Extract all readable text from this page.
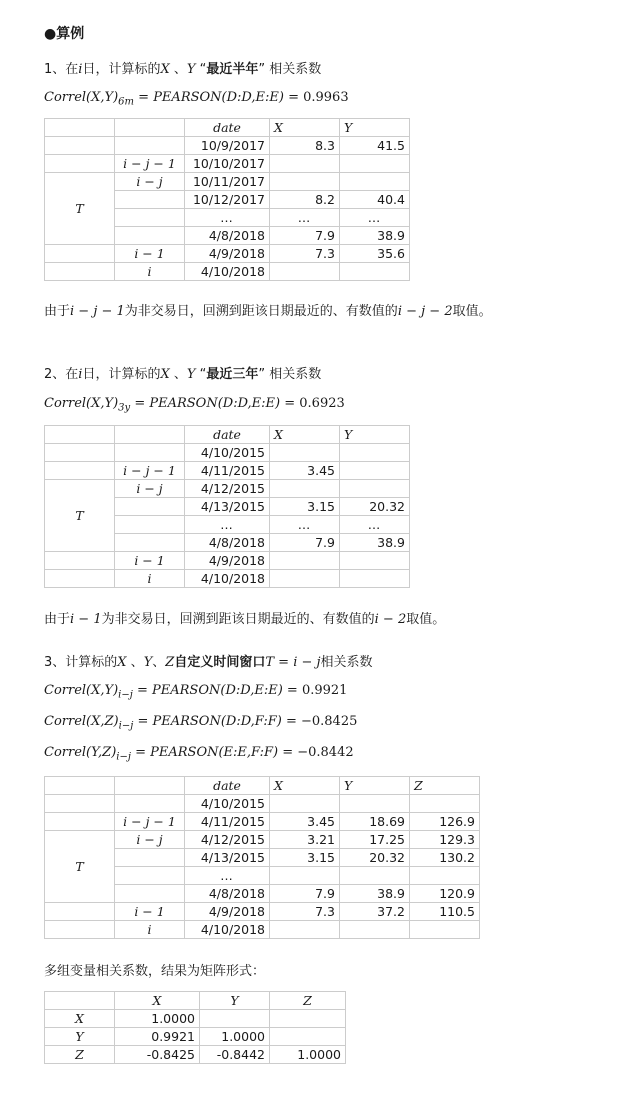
●算例
1、在i日，计算标的X 、Y “最近半年” 相关系数
$Correl(X,Y)_{6m}$ = PEARSON(D:D,E:E) = 0.9963
		date	X	Y
		10/9/2017	8.3	41.5
	i − j − 1	10/10/2017		
T	i − j	10/11/2017		
		10/12/2017	8.2	40.4
		…	…	…
		4/8/2018	7.9	38.9
	i − 1	4/9/2018	7.3	35.6
	i	4/10/2018		
由于i − j − 1为非交易日，回溯到距该日期最近的、有数值的i − j − 2取值。
2、在i日，计算标的X 、Y “最近三年” 相关系数
$Correl(X,Y)_{3y}$ = PEARSON(D:D,E:E) = 0.6923
		date	X	Y
		4/10/2015		
	i − j − 1	4/11/2015	3.45	
T	i − j	4/12/2015		
		4/13/2015	3.15	20.32
		…	…	…
		4/8/2018	7.9	38.9
	i − 1	4/9/2018		
	i	4/10/2018		
由于i − 1为非交易日，回溯到距该日期最近的、有数值的i − 2取值。
3、计算标的X 、Y、Z自定义时间窗口T = i − j相关系数
$Correl(X,Y)_{i-j}$ = PEARSON(D:D,E:E) = 0.9921
$Correl(X,Z)_{i-j}$ = PEARSON(D:D,F:F) = −0.8425
$Correl(Y,Z)_{i-j}$ = PEARSON(E:E,F:F) = −0.8442
		date	X	Y	Z
		4/10/2015			
	i − j − 1	4/11/2015	3.45	18.69	126.9
T	i − j	4/12/2015	3.21	17.25	129.3
		4/13/2015	3.15	20.32	130.2
		…			
		4/8/2018	7.9	38.9	120.9
	i − 1	4/9/2018	7.3	37.2	110.5
	i	4/10/2018			
多组变量相关系数，结果为矩阵形式：
	X	Y	Z
X	1.0000		
Y	0.9921	1.0000	
Z	-0.8425	-0.8442	1.0000
